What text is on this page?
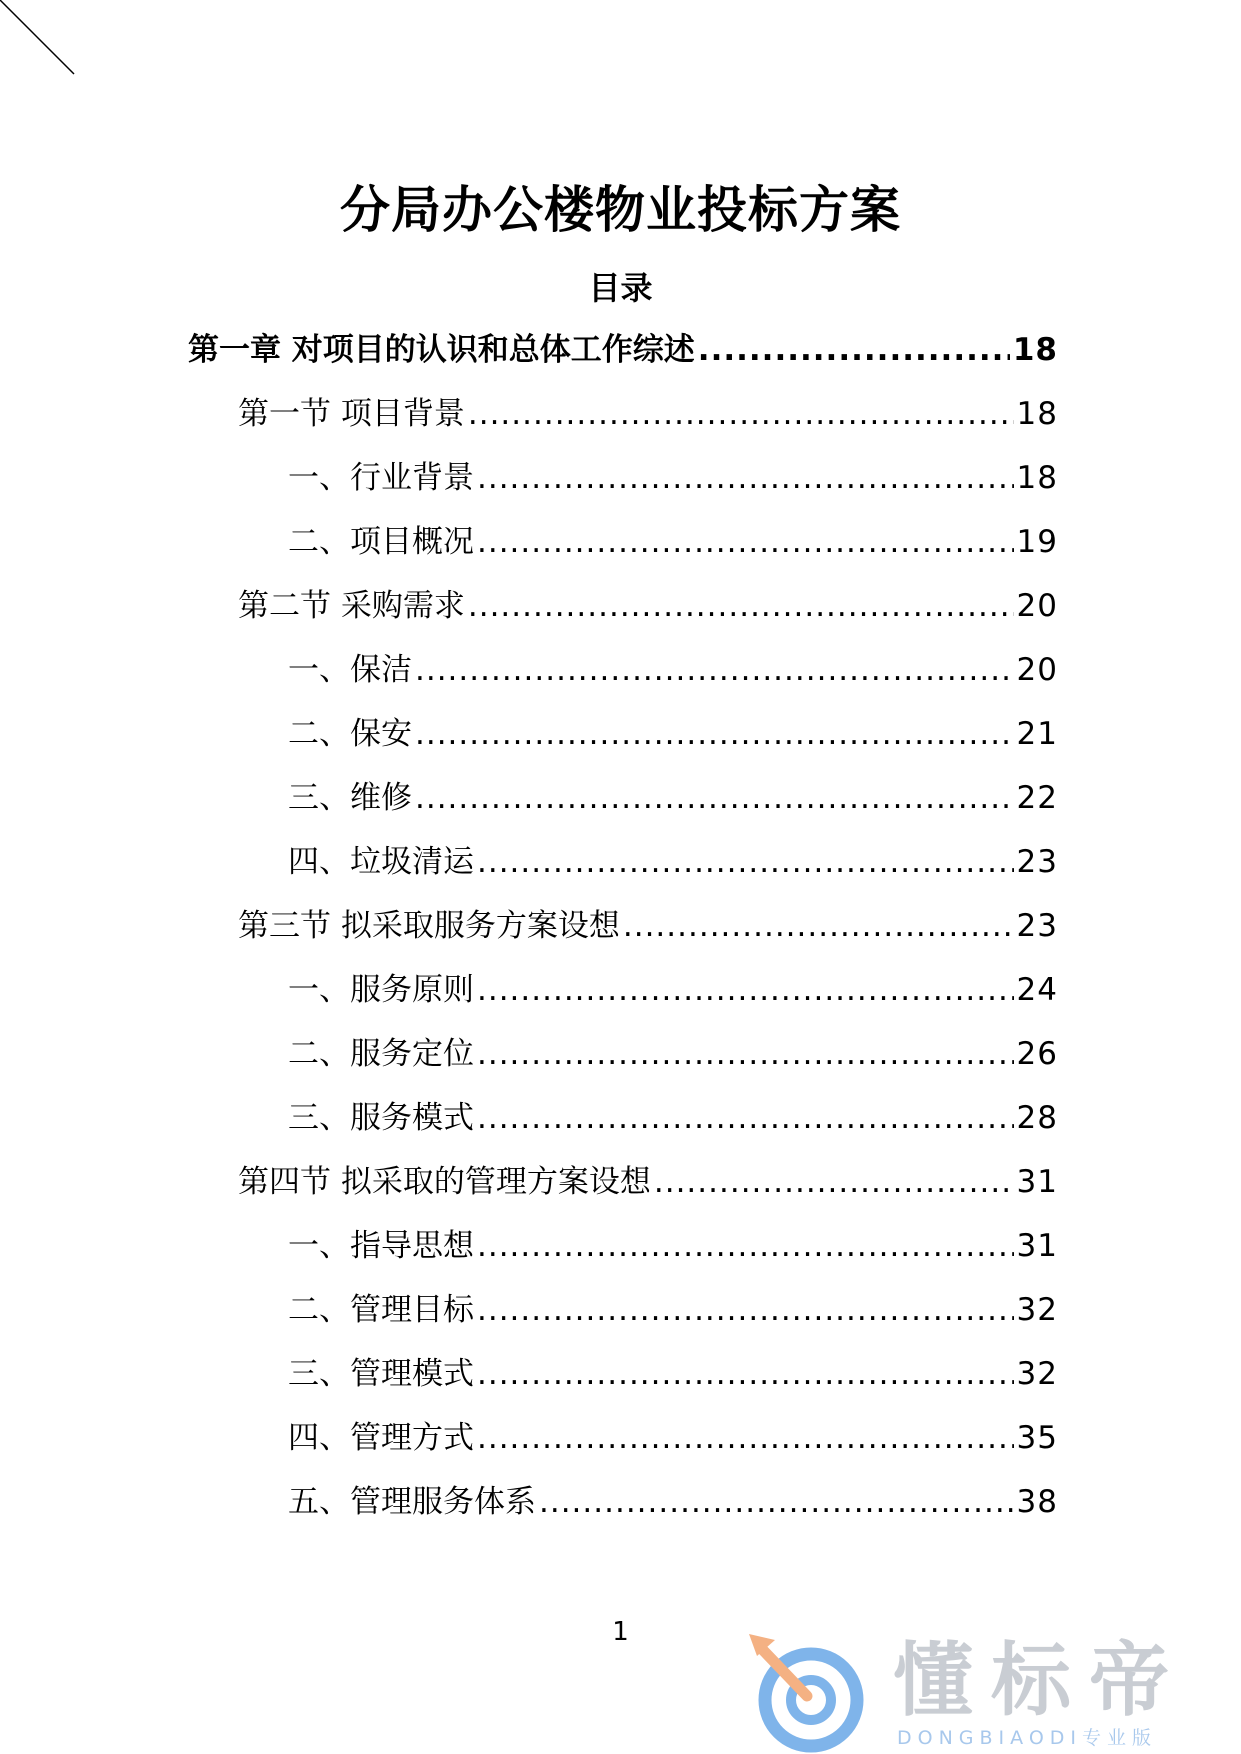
分局办公楼物业投标方案
目录
第一章 对项目的认识和总体工作综述 .....	18
第一节 项目背景 .....	18
一、行业背景 .....	18
二、项目概况 .....	19
第二节 采购需求 .....	20
一、保洁 .....	20
二、保安 .....	21
三、维修 .....	22
四、垃圾清运 .....	23
第三节 拟采取服务方案设想 .....	23
一、服务原则 .....	24
二、服务定位 .....	26
三、服务模式 .....	28
第四节 拟采取的管理方案设想 .....	31
一、指导思想 .....	31
二、管理目标 .....	32
三、管理模式 .....	32
四、管理方式 .....	35
五、管理服务体系 .....	38
1
懂标帝
DONGBIAODI专业版
